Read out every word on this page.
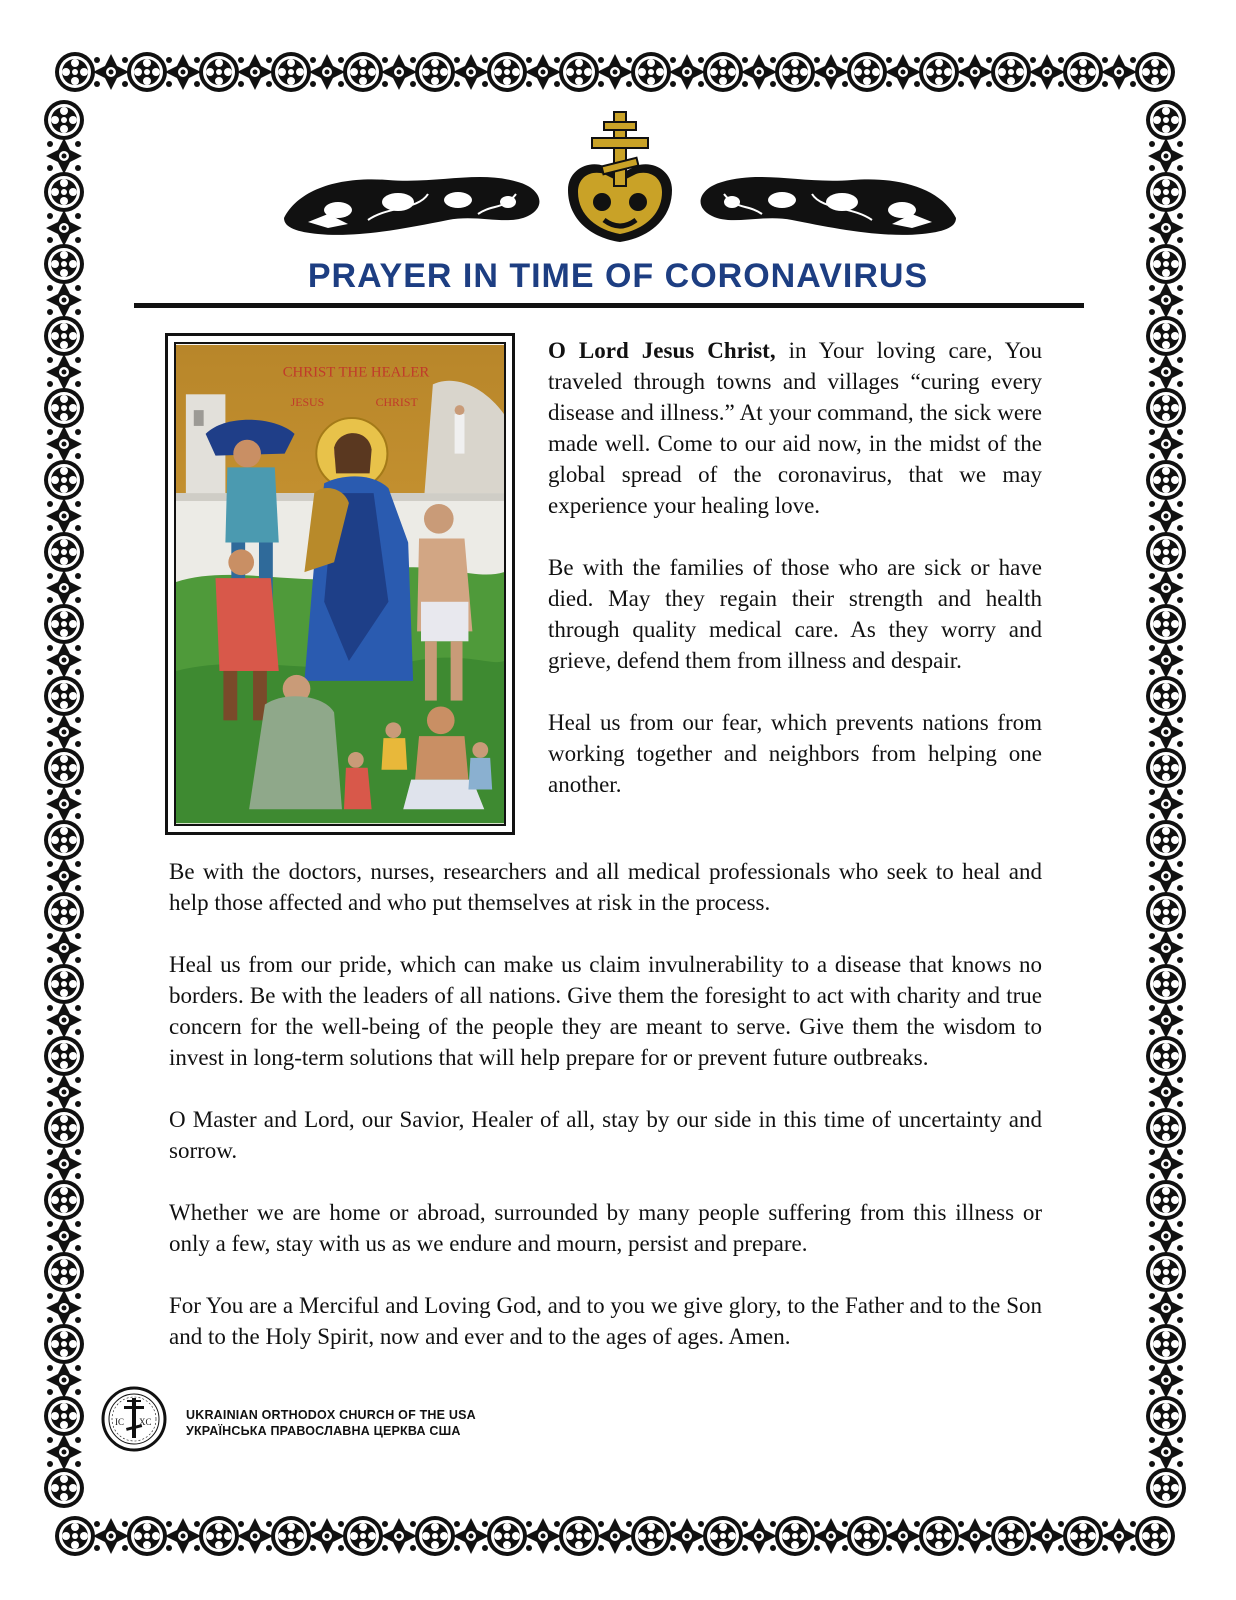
PRAYER IN TIME OF CORONAVIRUS
CHRIST THE HEALER
JESUS	CHRIST

O Lord Jesus Christ, in Your loving care, You traveled through towns and villages “curing every disease and illness.” At your command, the sick were made well. Come to our aid now, in the midst of the global spread of the coronavirus, that we may experience your healing love.

Be with the families of those who are sick or have died. May they regain their strength and health through quality medical care. As they worry and grieve, defend them from illness and despair.

Heal us from our fear, which prevents nations from working together and neighbors from helping one another.

Be with the doctors, nurses, researchers and all medical professionals who seek to heal and help those affected and who put themselves at risk in the process.

Heal us from our pride, which can make us claim invulnerability to a disease that knows no borders. Be with the leaders of all nations. Give them the foresight to act with charity and true concern for the well-being of the people they are meant to serve. Give them the wisdom to invest in long-term solutions that will help prepare for or prevent future outbreaks.

O Master and Lord, our Savior, Healer of all, stay by our side in this time of uncertainty and sorrow.

Whether we are home or abroad, surrounded by many people suffering from this illness or only a few, stay with us as we endure and mourn, persist and prepare.

For You are a Merciful and Loving God, and to you we give glory, to the Father and to the Son and to the Holy Spirit, now and ever and to the ages of ages. Amen.

IC XC	UKRAINIAN ORTHODOX CHURCH OF THE USA
УКРАЇНСЬКА ПРАВОСЛАВНА ЦЕРКВА США
